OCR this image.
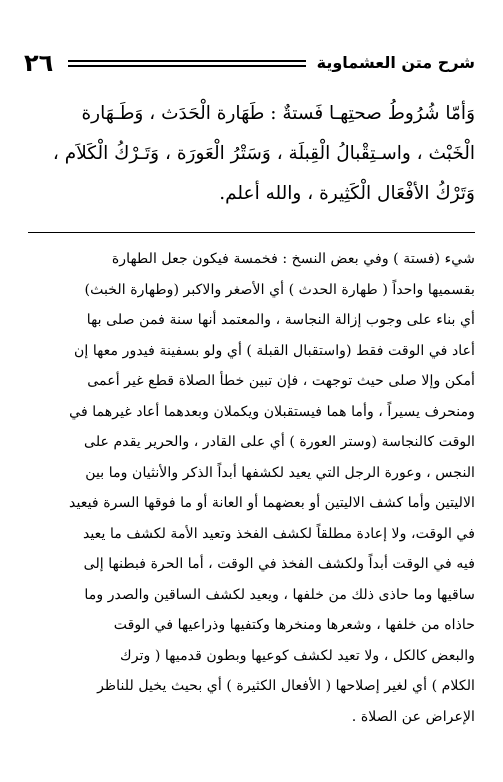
٢٦	شرح متن العشماوية
وَأمّا شُرُوطُ صحتِهـا فَستةٌ : طَهَارة الْحَدَث ، وَطَـهَارة
الْخَبْث ، واسـتِقْبالُ الْقِبلَة ، وَسَتْرُ الْعَورَة ، وَتَـرْكُ الْكَلاَم ،
وَتَرْكُ الأفْعَال الْكَثِيرة ، والله أعلم.
شيء (فستة ) وفي بعض النسخ : فخمسة فيكون جعل الطهارة
بقسميها واحداً ( طهارة الحدث ) أي الأصغر والاكبر (وطهارة الخبث)
أي بناء على وجوب إزالة النجاسة ، والمعتمد أنها سنة فمن صلى بها
أعاد في الوقت فقط (واستقبال القبلة ) أي ولو بسفينة فيدور معها إن
أمكن وإلا صلى حيث توجهت ، فإن تبين خطأ الصلاة قطع غير أعمى
ومنحرف يسيراً ، وأما هما فيستقبلان ويكملان وبعدهما أعاد غيرهما في
الوقت كالنجاسة (وستر العورة ) أي على القادر ، والحرير يقدم على
النجس ، وعورة الرجل التي يعيد لكشفها أبداً الذكر والأنثيان وما بين
الاليتين وأما كشف الاليتين أو بعضهما أو العانة أو ما فوقها السرة فيعيد
في الوقت، ولا إعادة مطلقاً لكشف الفخذ وتعيد الأمة لكشف ما يعيد
فيه في الوقت أبداً ولكشف الفخذ في الوقت ، أما الحرة فبطنها إلى
ساقيها وما حاذى ذلك من خلفها ، ويعيد لكشف الساقين والصدر وما
حاذاه من خلفها ، وشعرها ومنخرها وكتفيها وذراعيها في الوقت
والبعض كالكل ، ولا تعيد لكشف كوعيها وبطون قدميها ( وترك
الكلام ) أي لغير إصلاحها ( الأفعال الكثيرة ) أي بحيث يخيل للناظر
الإعراض عن الصلاة .
